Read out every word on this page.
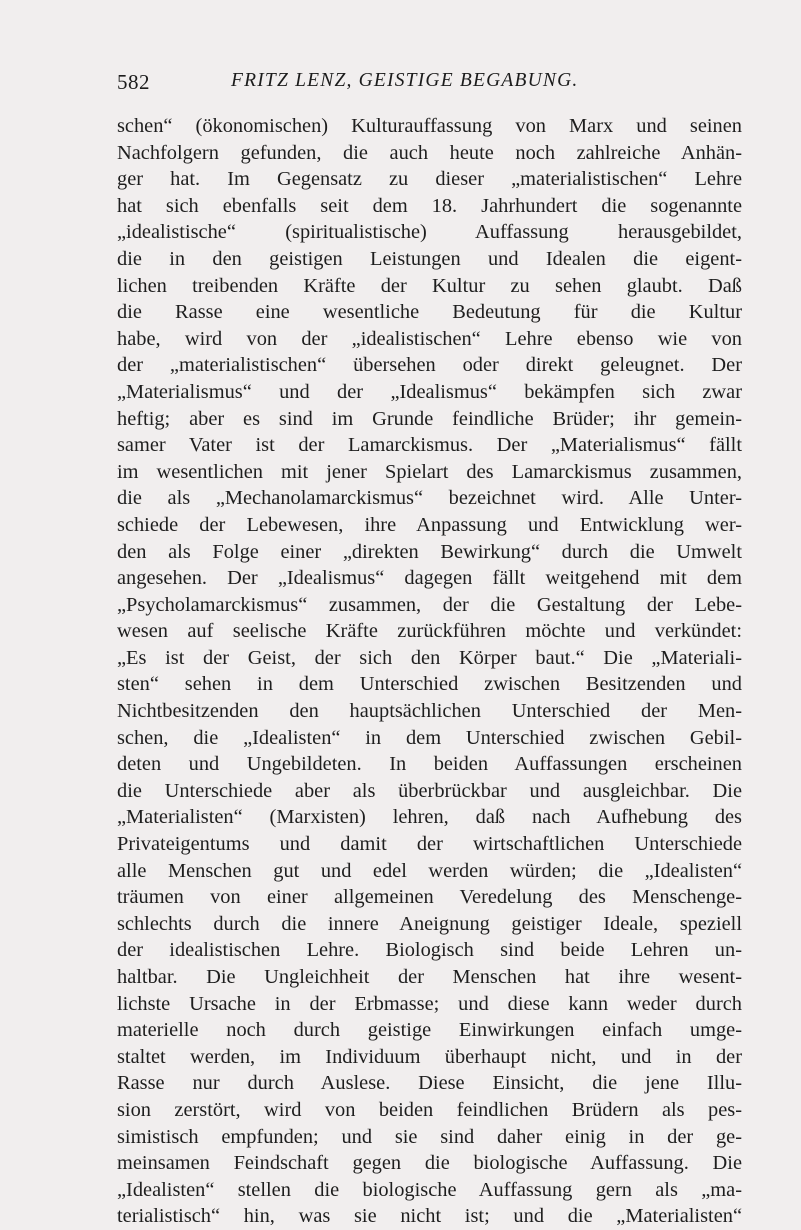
582	FRITZ LENZ, GEISTIGE BEGABUNG.
schen“ (ökonomischen) Kulturauffassung von Marx und seinen
Nachfolgern gefunden, die auch heute noch zahlreiche Anhän-
ger hat. Im Gegensatz zu dieser „materialistischen“ Lehre
hat sich ebenfalls seit dem 18. Jahrhundert die sogenannte
„idealistische“ (spiritualistische) Auffassung herausgebildet,
die in den geistigen Leistungen und Idealen die eigent-
lichen treibenden Kräfte der Kultur zu sehen glaubt. Daß
die Rasse eine wesentliche Bedeutung für die Kultur
habe, wird von der „idealistischen“ Lehre ebenso wie von
der „materialistischen“ übersehen oder direkt geleugnet. Der
„Materialismus“ und der „Idealismus“ bekämpfen sich zwar
heftig; aber es sind im Grunde feindliche Brüder; ihr gemein-
samer Vater ist der Lamarckismus. Der „Materialismus“ fällt
im wesentlichen mit jener Spielart des Lamarckismus zusammen,
die als „Mechanolamarckismus“ bezeichnet wird. Alle Unter-
schiede der Lebewesen, ihre Anpassung und Entwicklung wer-
den als Folge einer „direkten Bewirkung“ durch die Umwelt
angesehen. Der „Idealismus“ dagegen fällt weitgehend mit dem
„Psycholamarckismus“ zusammen, der die Gestaltung der Lebe-
wesen auf seelische Kräfte zurückführen möchte und verkündet:
„Es ist der Geist, der sich den Körper baut.“ Die „Materiali-
sten“ sehen in dem Unterschied zwischen Besitzenden und
Nichtbesitzenden den hauptsächlichen Unterschied der Men-
schen, die „Idealisten“ in dem Unterschied zwischen Gebil-
deten und Ungebildeten. In beiden Auffassungen erscheinen
die Unterschiede aber als überbrückbar und ausgleichbar. Die
„Materialisten“ (Marxisten) lehren, daß nach Aufhebung des
Privateigentums und damit der wirtschaftlichen Unterschiede
alle Menschen gut und edel werden würden; die „Idealisten“
träumen von einer allgemeinen Veredelung des Menschenge-
schlechts durch die innere Aneignung geistiger Ideale, speziell
der idealistischen Lehre. Biologisch sind beide Lehren un-
haltbar. Die Ungleichheit der Menschen hat ihre wesent-
lichste Ursache in der Erbmasse; und diese kann weder durch
materielle noch durch geistige Einwirkungen einfach umge-
staltet werden, im Individuum überhaupt nicht, und in der
Rasse nur durch Auslese. Diese Einsicht, die jene Illu-
sion zerstört, wird von beiden feindlichen Brüdern als pes-
simistisch empfunden; und sie sind daher einig in der ge-
meinsamen Feindschaft gegen die biologische Auffassung. Die
„Idealisten“ stellen die biologische Auffassung gern als „ma-
terialistisch“ hin, was sie nicht ist; und die „Materialisten“
